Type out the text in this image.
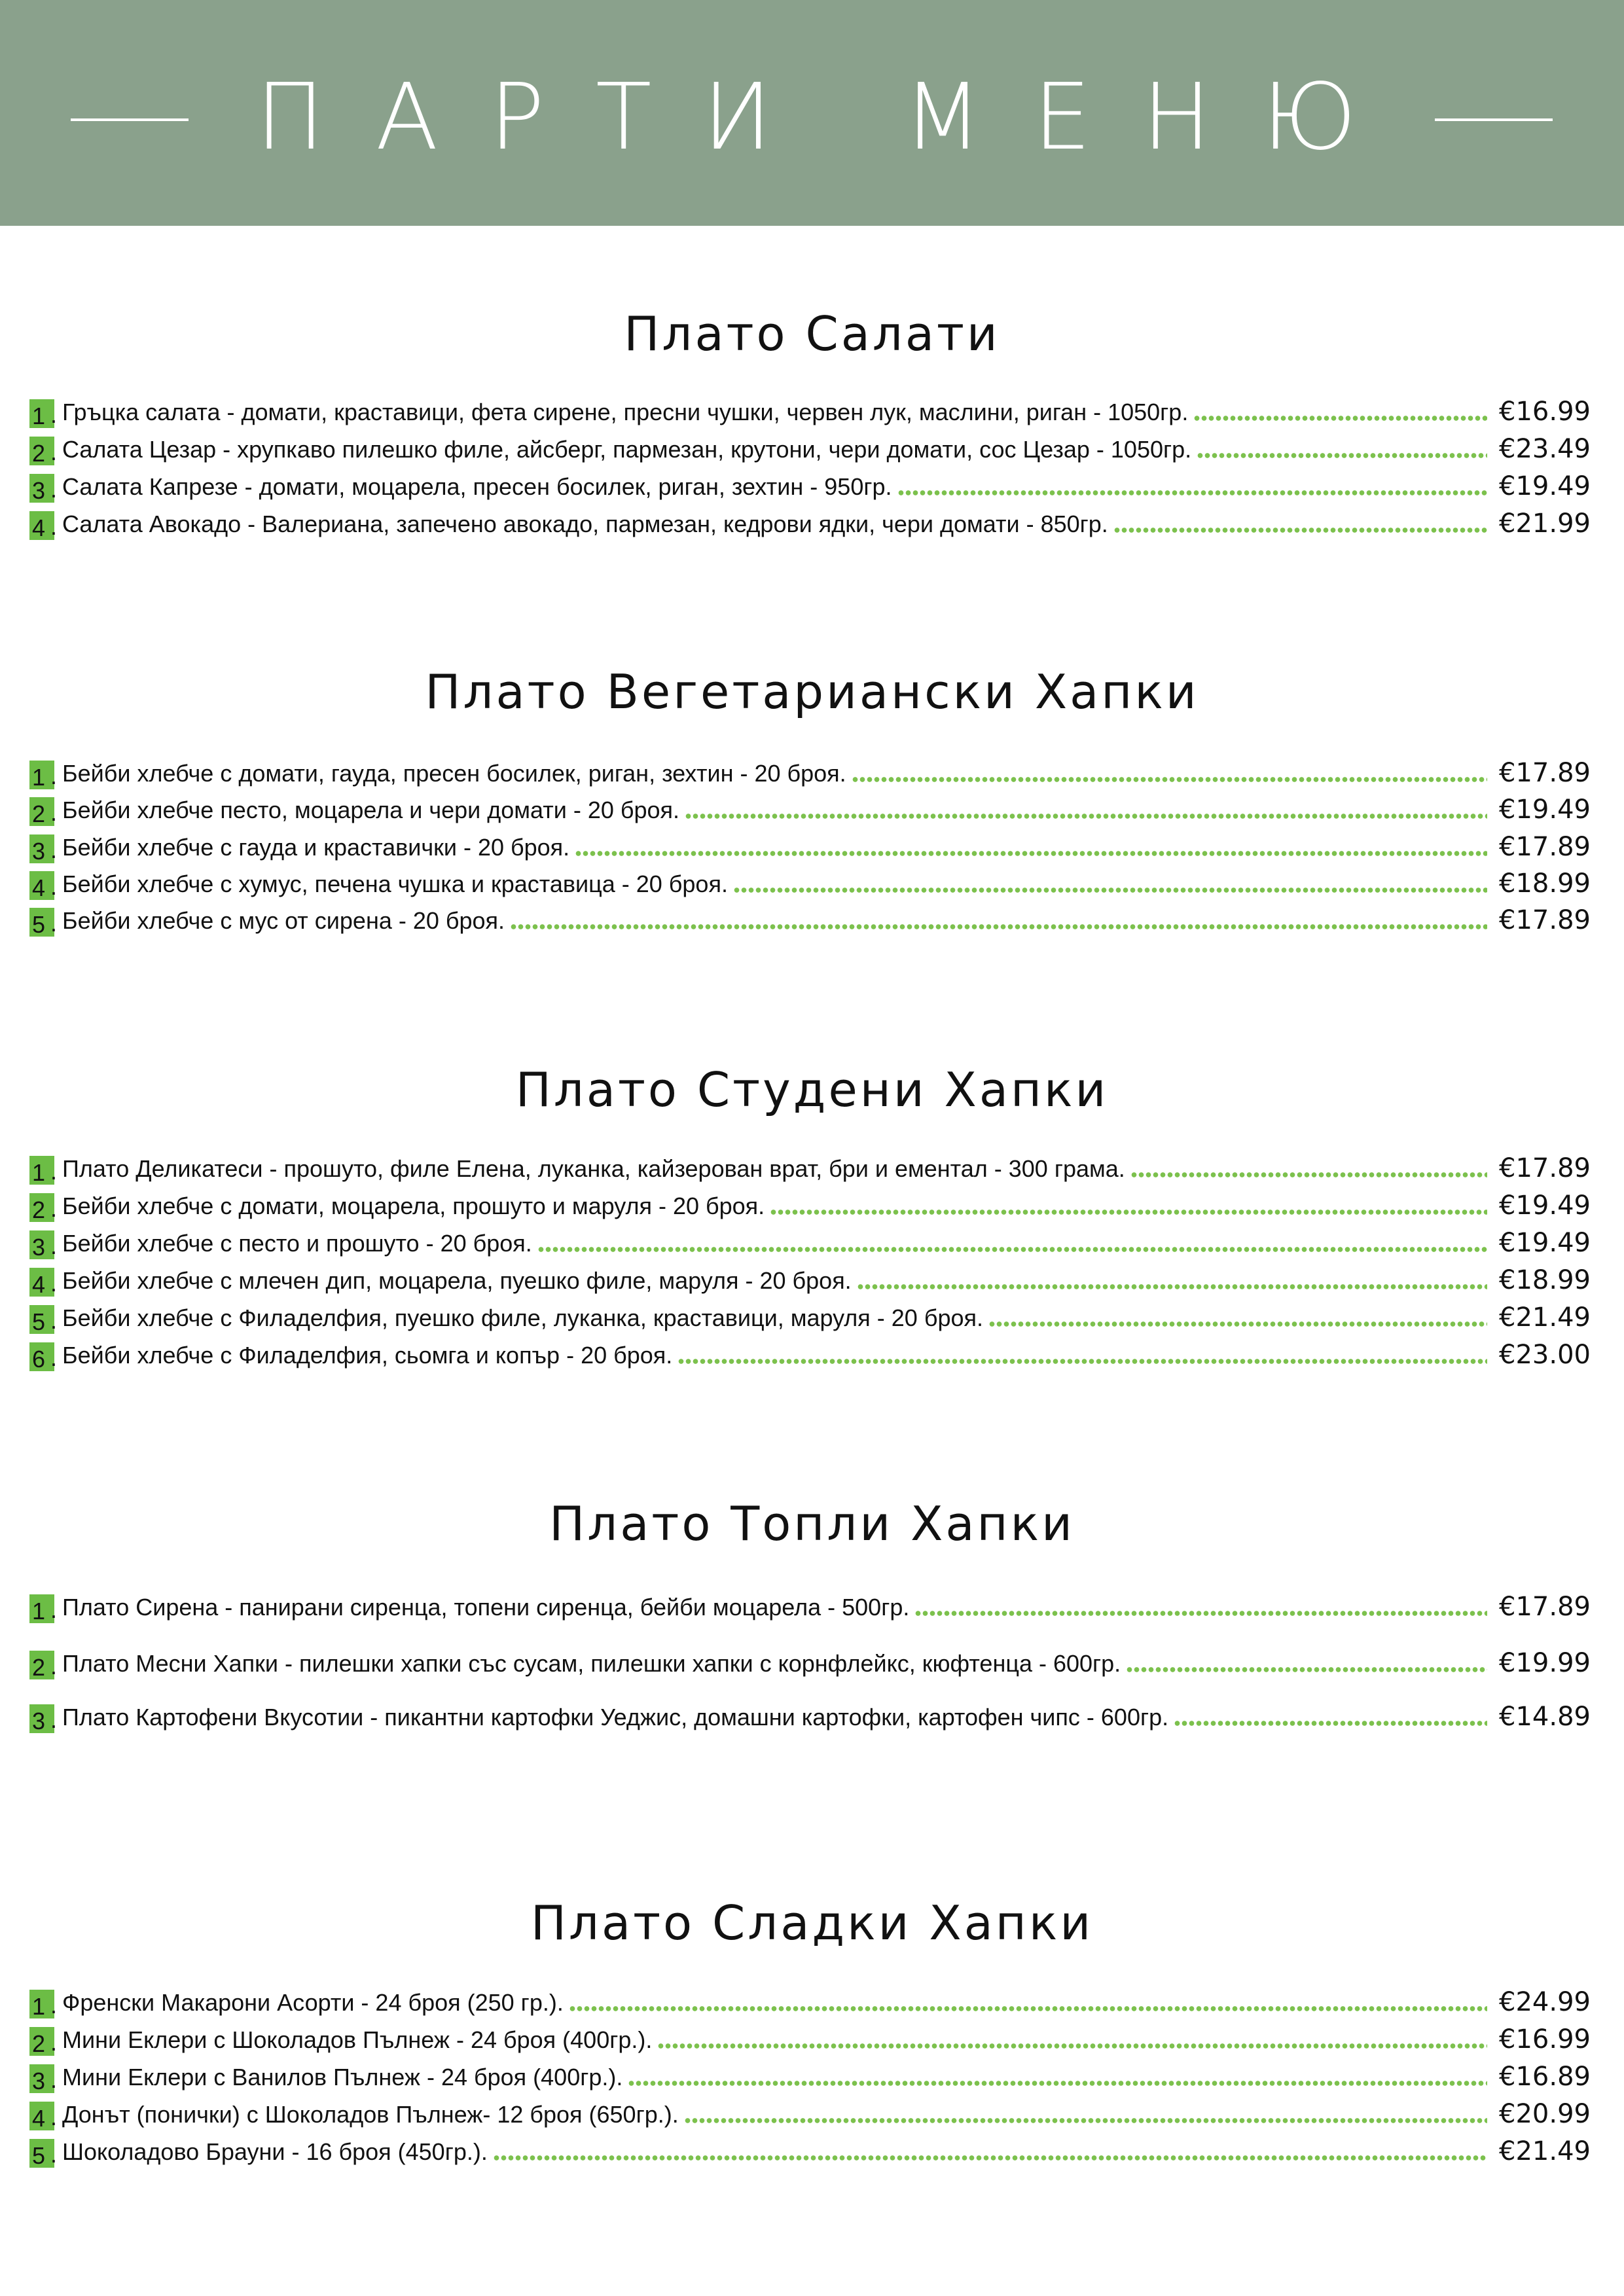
ПАРТИ МЕНЮ
Плато Салати
1 . Гръцка салата - домати, краставици, фета сирене, пресни чушки, червен лук, маслини, риган - 1050гр.	€16.99
2 . Салата Цезар - хрупкаво пилешко филе, айсберг, пармезан, крутони, чери домати, сос Цезар - 1050гр.	€23.49
3 . Салата Капрезе - домати, моцарела, пресен босилек, риган, зехтин - 950гр.	€19.49
4 . Салата Авокадо - Валериана, запечено авокадо, пармезан, кедрови ядки, чери домати - 850гр.	€21.99
Плато Вегетариански Хапки
1 . Бейби хлебче с домати, гауда, пресен босилек, риган, зехтин - 20 броя.	€17.89
2 . Бейби хлебче песто, моцарела и чери домати - 20 броя.	€19.49
3 . Бейби хлебче с гауда и краставички - 20 броя.	€17.89
4 . Бейби хлебче с хумус, печена чушка и краставица - 20 броя.	€18.99
5 . Бейби хлебче с мус от сирена - 20 броя.	€17.89
Плато Студени Хапки
1 . Плато Деликатеси - прошуто, филе Елена, луканка, кайзерован врат, бри и ементал - 300 грама.	€17.89
2 . Бейби хлебче с домати, моцарела, прошуто и маруля - 20 броя.	€19.49
3 . Бейби хлебче с песто и прошуто - 20 броя.	€19.49
4 . Бейби хлебче с млечен дип, моцарела, пуешко филе, маруля - 20 броя.	€18.99
5 . Бейби хлебче с Филаделфия, пуешко филе, луканка, краставици, маруля - 20 броя.	€21.49
6 . Бейби хлебче с Филаделфия, сьомга и копър - 20 броя.	€23.00
Плато Топли Хапки
1 . Плато Сирена - панирани сиренца, топени сиренца, бейби моцарела - 500гр.	€17.89
2 . Плато Месни Хапки - пилешки хапки със сусам, пилешки хапки с корнфлейкс, кюфтенца - 600гр.	€19.99
3 . Плато Картофени Вкусотии - пикантни картофки Уеджис, домашни картофки, картофен чипс - 600гр.	€14.89
Плато Сладки Хапки
1 . Френски Макарони Асорти - 24 броя (250 гр.).	€24.99
2 . Мини Еклери с Шоколадов Пълнеж - 24 броя (400гр.).	€16.99
3 . Мини Еклери с Ванилов Пълнеж - 24 броя (400гр.).	€16.89
4 . Донът (понички) с Шоколадов Пълнеж- 12 броя (650гр.).	€20.99
5 . Шоколадово Брауни - 16 броя (450гр.).	€21.49
